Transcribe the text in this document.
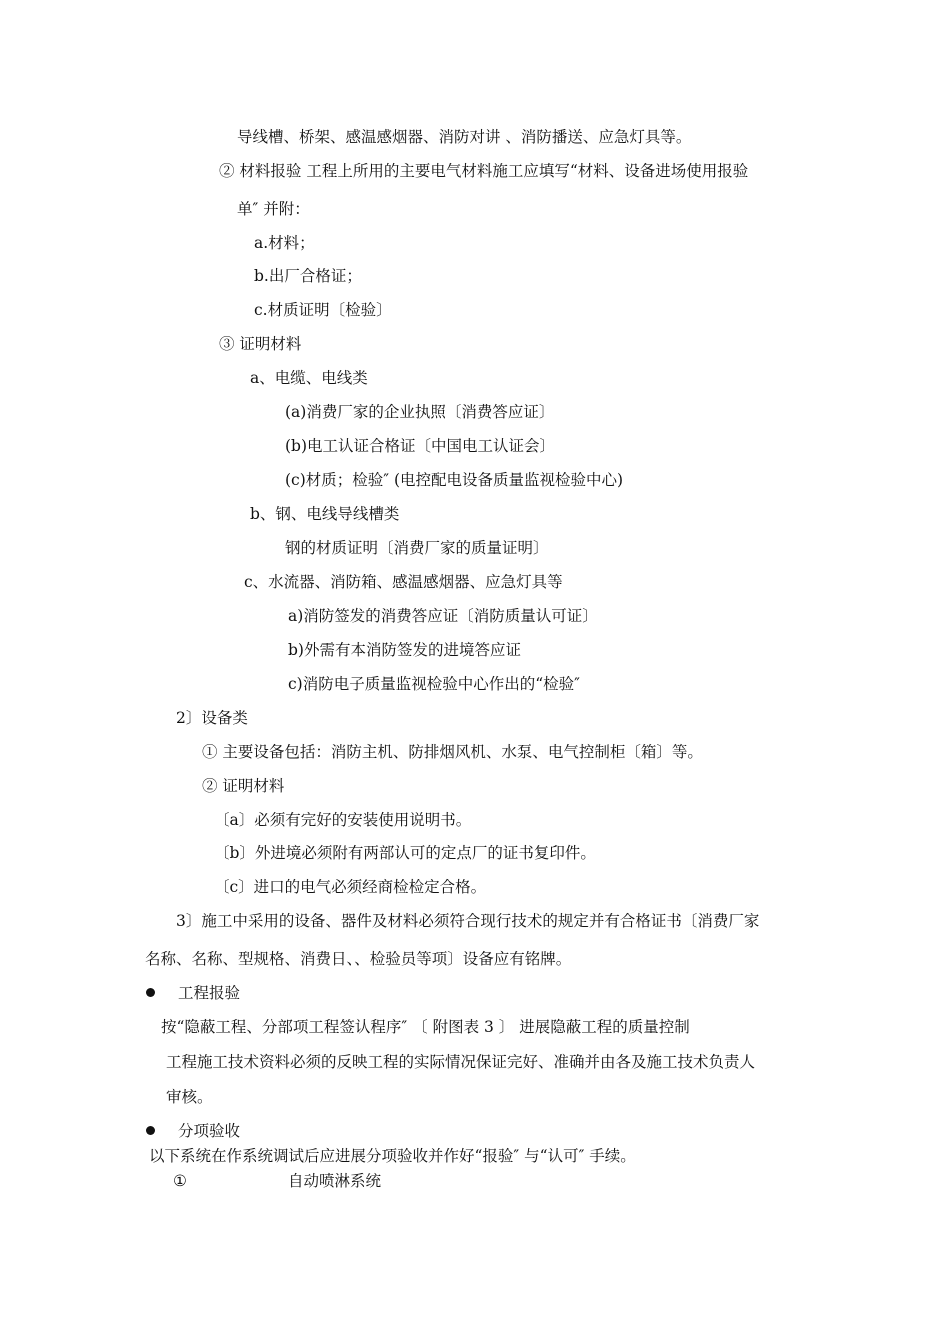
导线槽、桥架、感温感烟器、消防对讲 、消防播送、应急灯具等。
② 材料报验 工程上所用的主要电气材料施工应填写“材料、设备进场使用报验
单″ 并附：
a.材料；
b.出厂合格证；
c.材质证明〔检验〕
③ 证明材料
a、电缆、电线类
(a)消费厂家的企业执照〔消费答应证〕
(b)电工认证合格证〔中国电工认证会〕
(c)材质；检验″ (电控配电设备质量监视检验中心)
b、钢、电线导线槽类
钢的材质证明〔消费厂家的质量证明〕
c、水流器、消防箱、感温感烟器、应急灯具等
a)消防签发的消费答应证〔消防质量认可证〕
b)外需有本消防签发的进境答应证
c)消防电子质量监视检验中心作出的“检验″
2〕设备类
① 主要设备包括：消防主机、防排烟风机、水泵、电气控制柜〔箱〕等。
② 证明材料
〔a〕必须有完好的安装使用说明书。
〔b〕外进境必须附有两部认可的定点厂的证书复印件。
〔c〕进口的电气必须经商检检定合格。
3〕施工中采用的设备、器件及材料必须符合现行技术的规定并有合格证书〔消费厂家
名称、名称、型规格、消费日、、检验员等项〕设备应有铭牌。
工程报验
按“隐蔽工程、分部项工程签认程序″ 〔 附图表 3 〕 进展隐蔽工程的质量控制
工程施工技术资料必须的反映工程的实际情况保证完好、准确并由各及施工技术负责人
审核。
分项验收
以下系统在作系统调试后应进展分项验收并作好“报验″ 与“认可″ 手续。
①	自动喷淋系统
